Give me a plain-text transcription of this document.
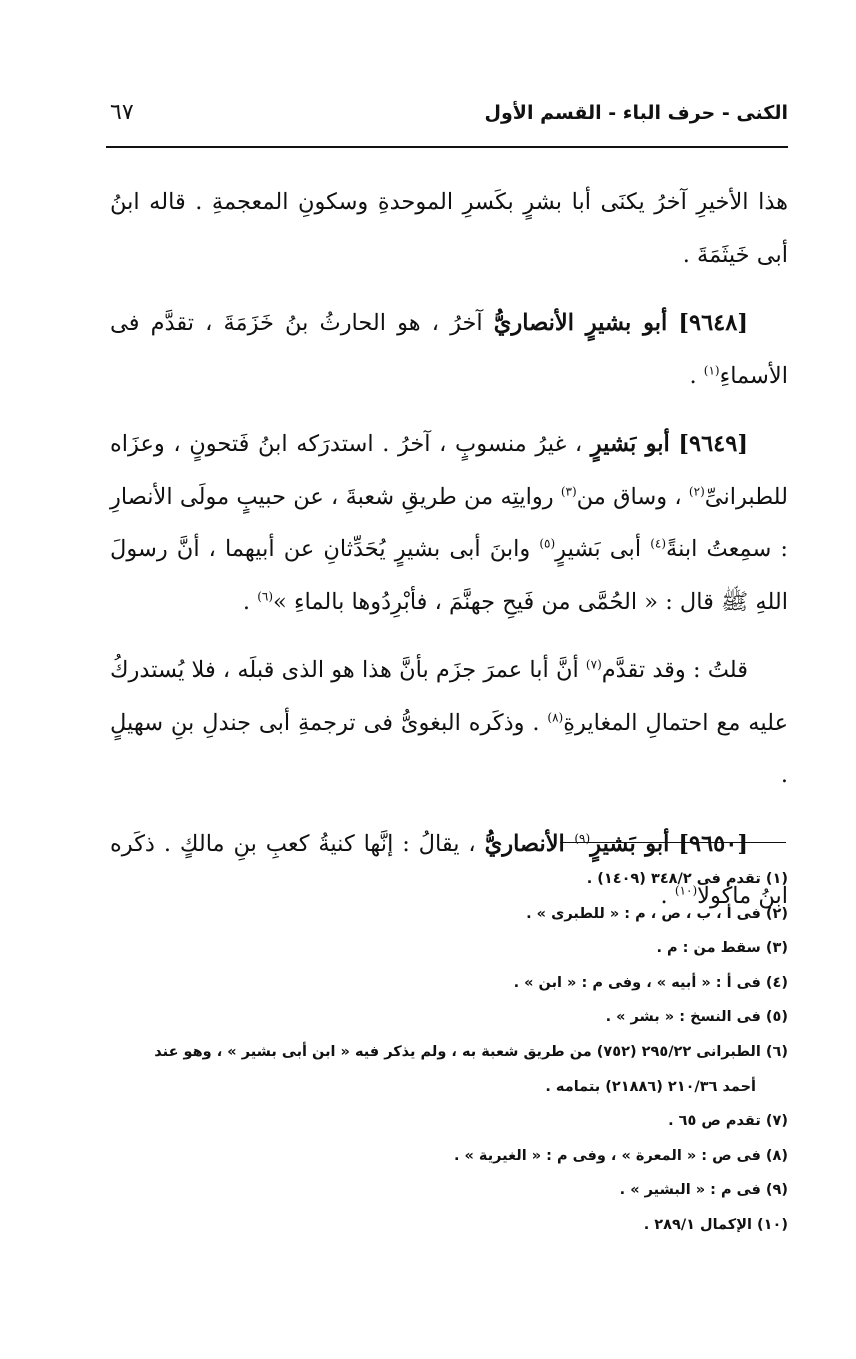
الكنى - حرف الباء - القسم الأول
٦٧

هذا الأخيرِ آخرُ يكنَى أبا بشرٍ بكَسرِ الموحدةِ وسكونِ المعجمةِ . قاله ابنُ أبى خَيثَمَةَ .

[٩٦٤٨] أبو بشيرٍ الأنصاريُّ آخرُ ، هو الحارثُ بنُ خَزَمَةَ ، تقدَّم فى الأسماءِ$^{(١)}$ .

[٩٦٤٩] أبو بَشيرٍ ، غيرُ منسوبٍ ، آخرُ . استدرَكه ابنُ فَتحونٍ ، وعزَاه للطبرانىِّ$^{(٢)}$ ، وساق من$^{(٣)}$ روايتِه من طريقِ شعبةَ ، عن حبيبٍ مولَى الأنصارِ : سمِعتُ ابنةً$^{(٤)}$ أبى بَشيرٍ$^{(٥)}$ وابنَ أبى بشيرٍ يُحَدِّثانِ عن أبيهما ، أنَّ رسولَ اللهِ ﷺ قال : « الحُمَّى من فَيحِ جهنَّمَ ، فأبْرِدُوها بالماءِ »$^{(٦)}$ .

قلتُ : وقد تقدَّم$^{(٧)}$ أنَّ أبا عمرَ جزَم بأنَّ هذا هو الذى قبلَه ، فلا يُستدركُ عليه مع احتمالِ المغايرةِ$^{(٨)}$ . وذكَره البغوىُّ فى ترجمةِ أبى جندلِ بنِ سهيلٍ .

[٩٦٥٠] أبو بَشيرٍ$^{(٩)}$ الأنصاريُّ ، يقالُ : إنَّها كنيةُ كعبِ بنِ مالكٍ . ذكَره ابنُ ماكولا$^{(١٠)}$ .

(١) تقدم فى ٣٤٨/٢ (١٤٠٩) .

(٢) فى أ ، ب ، ص ، م : « للطبرى » .

(٣) سقط من : م .

(٤) فى أ : « أبيه » ، وفى م : « ابن » .

(٥) فى النسخ : « بشر » .

(٦) الطبرانى ٢٩٥/٢٢ (٧٥٢) من طريق شعبة به ، ولم يذكر فيه « ابن أبى بشير » ، وهو عند

أحمد ٢١٠/٣٦ (٢١٨٨٦) بتمامه .

(٧) تقدم ص ٦٥ .

(٨) فى ص : « المعرة » ، وفى م : « الغيرية » .

(٩) فى م : « البشير » .

(١٠) الإكمال ٢٨٩/١ .
